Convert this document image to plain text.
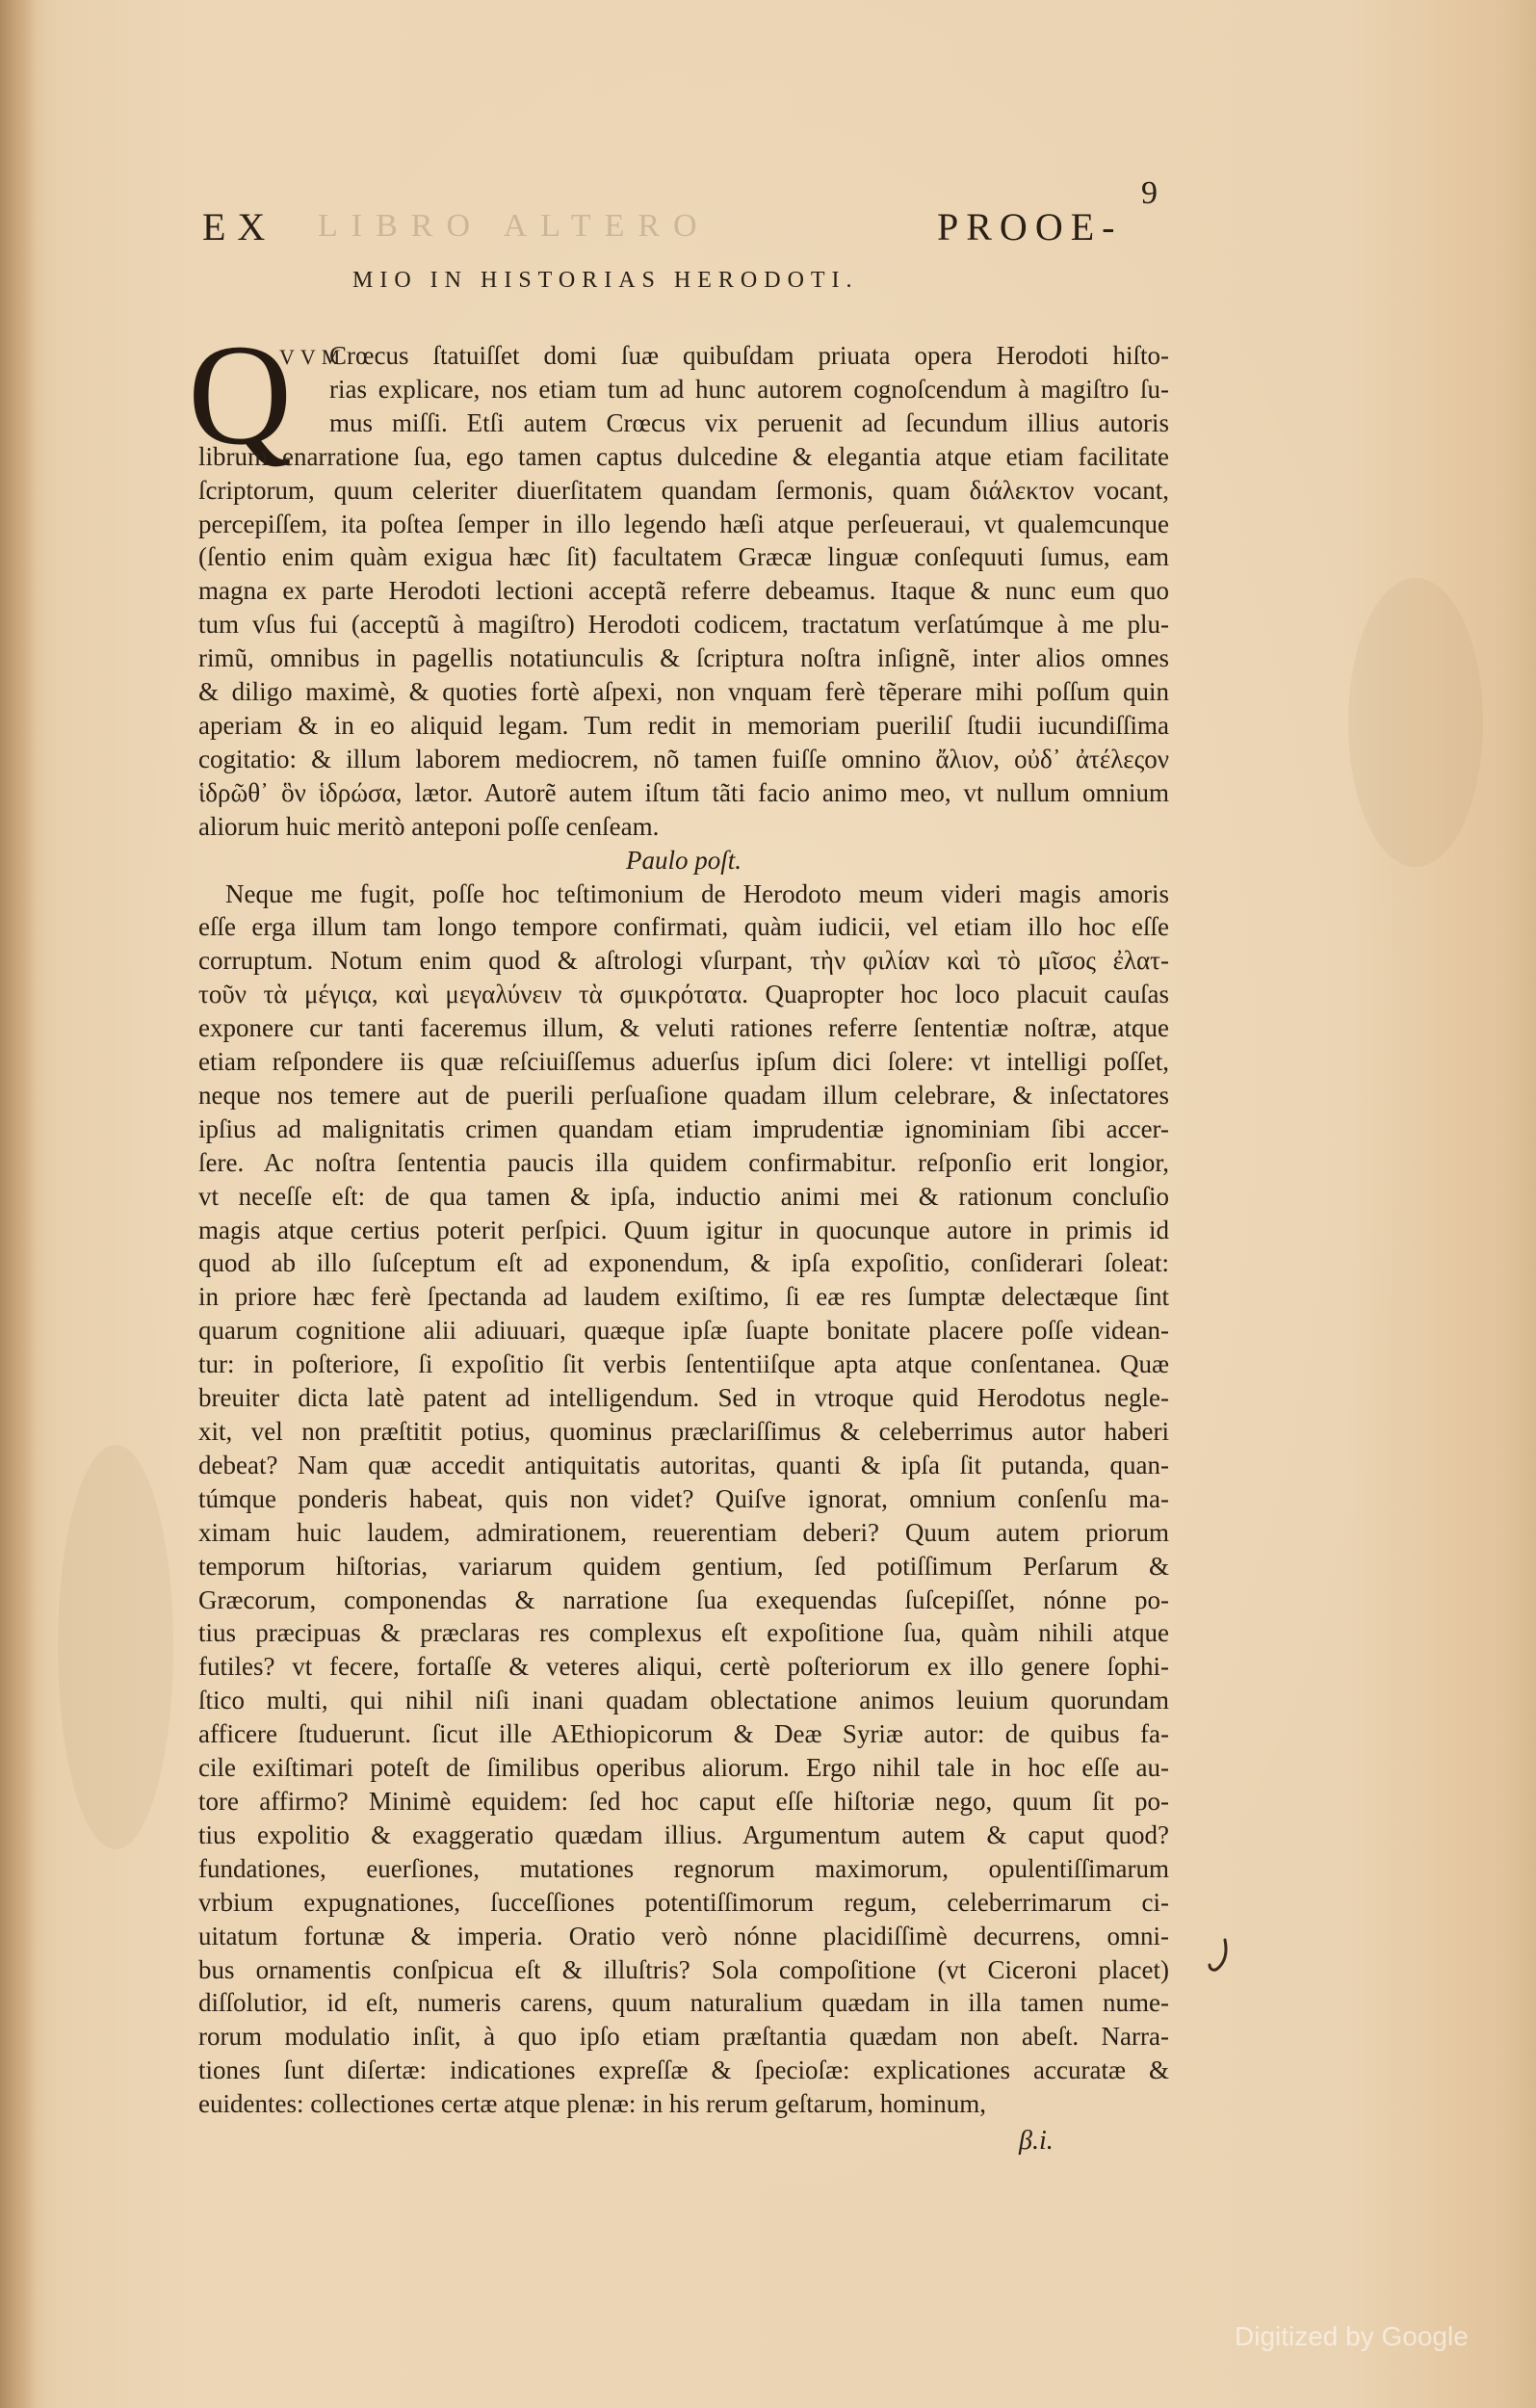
9
EX LIBRO ALTERO	PROOE-
MIO IN HISTORIAS HERODOTI.
Q
VVM
Crœcus ſtatuiſſet domi ſuæ quibuſdam priuata opera Herodoti hiſto-
rias explicare, nos etiam tum ad hunc autorem cognoſcendum à magiſtro ſu-
mus miſſi. Etſi autem Crœcus vix peruenit ad ſecundum illius autoris
librum enarratione ſua, ego tamen captus dulcedine & elegantia atque etiam facilitate
ſcriptorum, quum celeriter diuerſitatem quandam ſermonis, quam διάλεκτον vocant,
percepiſſem, ita poſtea ſemper in illo legendo hæſi atque perſeueraui, vt qualemcunque
(ſentio enim quàm exigua hæc ſit) facultatem Græcæ linguæ conſequuti ſumus, eam
magna ex parte Herodoti lectioni acceptã referre debeamus. Itaque & nunc eum quo
tum vſus fui (acceptũ à magiſtro) Herodoti codicem, tractatum verſatúmque à me plu-
rimũ, omnibus in pagellis notatiunculis & ſcriptura noſtra inſignẽ, inter alios omnes
& diligo maximè, & quoties fortè aſpexi, non vnquam ferè tẽperare mihi poſſum quin
aperiam & in eo aliquid legam. Tum redit in memoriam pueriliſ ſtudii iucundiſſima
cogitatio: & illum laborem mediocrem, nõ tamen fuiſſe omnino ἄλιον, οὐδ᾽ ἀτέλεςον
ἱδρῶθ᾽ ὃν ἱδρώσα, lætor. Autorẽ autem iſtum tãti facio animo meo, vt nullum omnium
aliorum huic meritò anteponi poſſe cenſeam.
Paulo poſt.
Neque me fugit, poſſe hoc teſtimonium de Herodoto meum videri magis amoris
eſſe erga illum tam longo tempore confirmati, quàm iudicii, vel etiam illo hoc eſſe
corruptum. Notum enim quod & aſtrologi vſurpant, τὴν φιλίαν καὶ τὸ μῖσος ἐλατ-
τοῦν τὰ μέγιςα, καὶ μεγαλύνειν τὰ σμικρότατα. Quapropter hoc loco placuit cauſas
exponere cur tanti faceremus illum, & veluti rationes referre ſententiæ noſtræ, atque
etiam reſpondere iis quæ reſciuiſſemus aduerſus ipſum dici ſolere: vt intelligi poſſet,
neque nos temere aut de puerili perſuaſione quadam illum celebrare, & inſectatores
ipſius ad malignitatis crimen quandam etiam imprudentiæ ignominiam ſibi accer-
ſere. Ac noſtra ſententia paucis illa quidem confirmabitur. reſponſio erit longior,
vt neceſſe eſt: de qua tamen & ipſa, inductio animi mei & rationum concluſio
magis atque certius poterit perſpici. Quum igitur in quocunque autore in primis id
quod ab illo ſuſceptum eſt ad exponendum, & ipſa expoſitio, conſiderari ſoleat:
in priore hæc ferè ſpectanda ad laudem exiſtimo, ſi eæ res ſumptæ delectæque ſint
quarum cognitione alii adiuuari, quæque ipſæ ſuapte bonitate placere poſſe videan-
tur: in poſteriore, ſi expoſitio ſit verbis ſententiiſque apta atque conſentanea. Quæ
breuiter dicta latè patent ad intelligendum. Sed in vtroque quid Herodotus negle-
xit, vel non præſtitit potius, quominus præclariſſimus & celeberrimus autor haberi
debeat? Nam quæ accedit antiquitatis autoritas, quanti & ipſa ſit putanda, quan-
túmque ponderis habeat, quis non videt? Quiſve ignorat, omnium conſenſu ma-
ximam huic laudem, admirationem, reuerentiam deberi? Quum autem priorum
temporum hiſtorias, variarum quidem gentium, ſed potiſſimum Perſarum &
Græcorum, componendas & narratione ſua exequendas ſuſcepiſſet, nónne po-
tius præcipuas & præclaras res complexus eſt expoſitione ſua, quàm nihili atque
futiles? vt fecere, fortaſſe & veteres aliqui, certè poſteriorum ex illo genere ſophi-
ſtico multi, qui nihil niſi inani quadam oblectatione animos leuium quorundam
afficere ſtuduerunt. ſicut ille AEthiopicorum & Deæ Syriæ autor: de quibus fa-
cile exiſtimari poteſt de ſimilibus operibus aliorum. Ergo nihil tale in hoc eſſe au-
tore affirmo? Minimè equidem: ſed hoc caput eſſe hiſtoriæ nego, quum ſit po-
tius expolitio & exaggeratio quædam illius. Argumentum autem & caput quod?
fundationes, euerſiones, mutationes regnorum maximorum, opulentiſſimarum
vrbium expugnationes, ſucceſſiones potentiſſimorum regum, celeberrimarum ci-
uitatum fortunæ & imperia. Oratio verò nónne placidiſſimè decurrens, omni-
bus ornamentis conſpicua eſt & illuſtris? Sola compoſitione (vt Ciceroni placet)
diſſolutior, id eſt, numeris carens, quum naturalium quædam in illa tamen nume-
rorum modulatio inſit, à quo ipſo etiam præſtantia quædam non abeſt. Narra-
tiones ſunt diſertæ: indicationes expreſſæ & ſpecioſæ: explicationes accuratæ &
euidentes: collectiones certæ atque plenæ: in his rerum geſtarum, hominum,
β.i.
Digitized by Google
